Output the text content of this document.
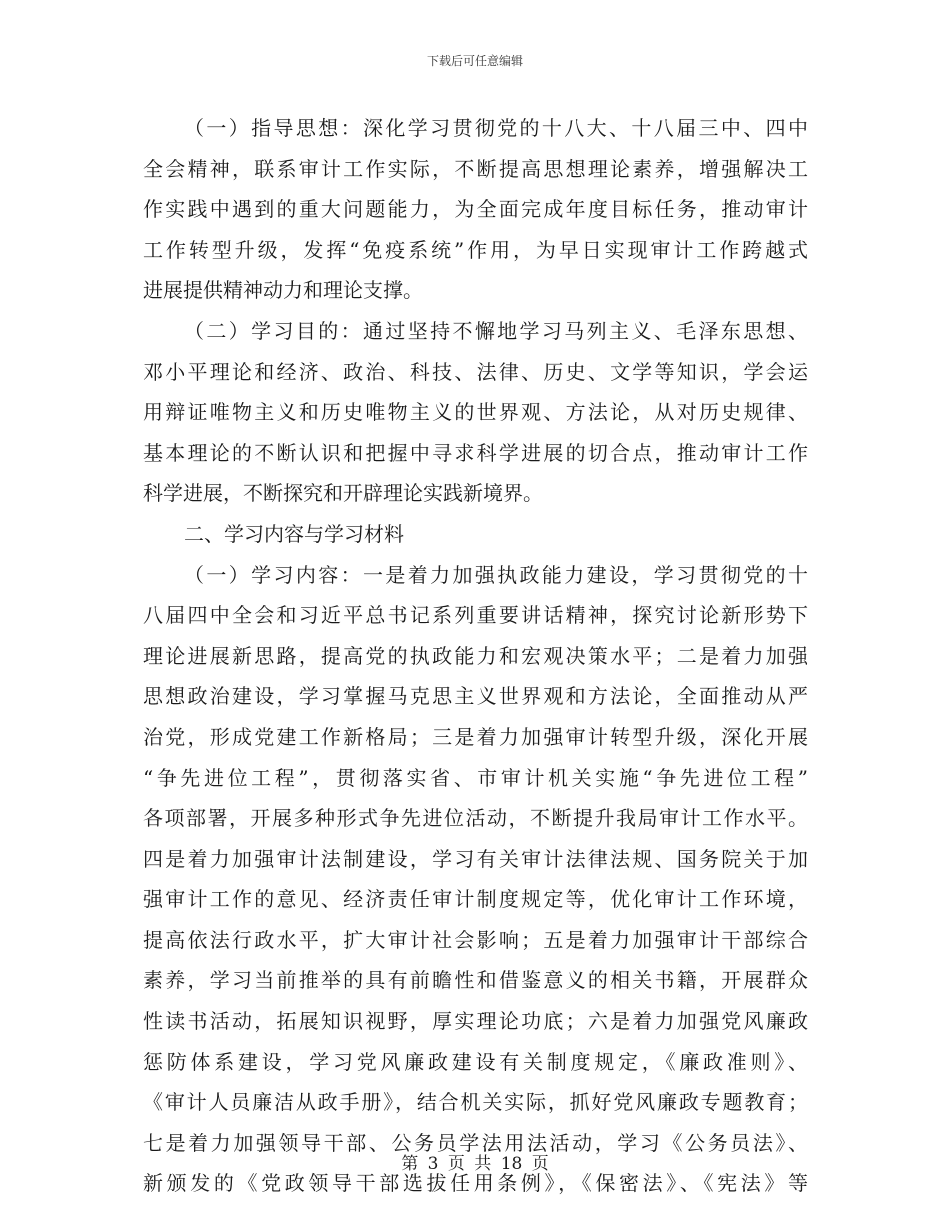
下载后可任意编辑
（一）指导思想：深化学习贯彻党的十八大、十八届三中、四中
全会精神，联系审计工作实际，不断提高思想理论素养，增强解决工
作实践中遇到的重大问题能力，为全面完成年度目标任务，推动审计
工作转型升级，发挥“免疫系统”作用，为早日实现审计工作跨越式
进展提供精神动力和理论支撑。
（二）学习目的：通过坚持不懈地学习马列主义、毛泽东思想、
邓小平理论和经济、政治、科技、法律、历史、文学等知识，学会运
用辩证唯物主义和历史唯物主义的世界观、方法论，从对历史规律、
基本理论的不断认识和把握中寻求科学进展的切合点，推动审计工作
科学进展，不断探究和开辟理论实践新境界。
二、学习内容与学习材料
（一）学习内容：一是着力加强执政能力建设，学习贯彻党的十
八届四中全会和习近平总书记系列重要讲话精神，探究讨论新形势下
理论进展新思路，提高党的执政能力和宏观决策水平；二是着力加强
思想政治建设，学习掌握马克思主义世界观和方法论，全面推动从严
治党，形成党建工作新格局；三是着力加强审计转型升级，深化开展
“争先进位工程”，贯彻落实省、市审计机关实施“争先进位工程”
各项部署，开展多种形式争先进位活动，不断提升我局审计工作水平。
四是着力加强审计法制建设，学习有关审计法律法规、国务院关于加
强审计工作的意见、经济责任审计制度规定等，优化审计工作环境，
提高依法行政水平，扩大审计社会影响；五是着力加强审计干部综合
素养，学习当前推举的具有前瞻性和借鉴意义的相关书籍，开展群众
性读书活动，拓展知识视野，厚实理论功底；六是着力加强党风廉政
惩防体系建设，学习党风廉政建设有关制度规定，《廉政准则》、
《审计人员廉洁从政手册》，结合机关实际，抓好党风廉政专题教育；
七是着力加强领导干部、公务员学法用法活动，学习《公务员法》、
新颁发的《党政领导干部选拔任用条例》，《保密法》、《宪法》等
第 3 页 共 18 页
